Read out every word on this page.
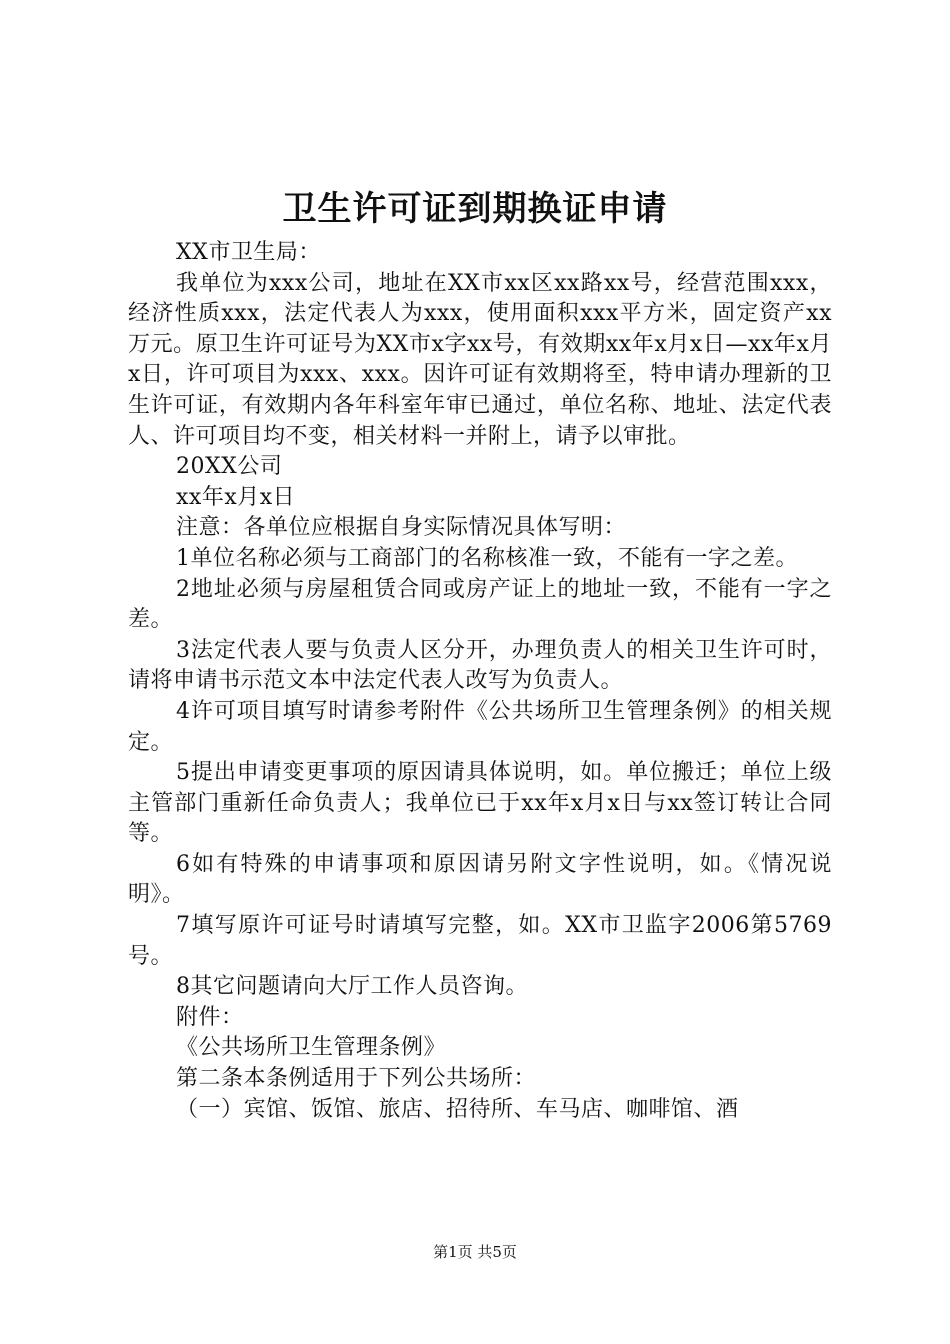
卫生许可证到期换证申请

XX市卫生局：

我单位为xxx公司，地址在XX市xx区xx路xx号，经营范围xxx，经济性质xxx，法定代表人为xxx，使用面积xxx平方米，固定资产xx万元。原卫生许可证号为XX市x字xx号，有效期xx年x月x日—xx年x月x日，许可项目为xxx、xxx。因许可证有效期将至，特申请办理新的卫生许可证，有效期内各年科室年审已通过，单位名称、地址、法定代表人、许可项目均不变，相关材料一并附上，请予以审批。

20XX公司

xx年x月x日

注意：各单位应根据自身实际情况具体写明：

1单位名称必须与工商部门的名称核准一致，不能有一字之差。

2地址必须与房屋租赁合同或房产证上的地址一致，不能有一字之差。

3法定代表人要与负责人区分开，办理负责人的相关卫生许可时，请将申请书示范文本中法定代表人改写为负责人。

4许可项目填写时请参考附件《公共场所卫生管理条例》的相关规定。

5提出申请变更事项的原因请具体说明，如。单位搬迁；单位上级主管部门重新任命负责人；我单位已于xx年x月x日与xx签订转让合同等。

6如有特殊的申请事项和原因请另附文字性说明，如。《情况说明》。

7填写原许可证号时请填写完整，如。XX市卫监字2006第5769号。

8其它问题请向大厅工作人员咨询。

附件：

《公共场所卫生管理条例》

第二条本条例适用于下列公共场所：

（一）宾馆、饭馆、旅店、招待所、车马店、咖啡馆、酒

第1页 共5页
